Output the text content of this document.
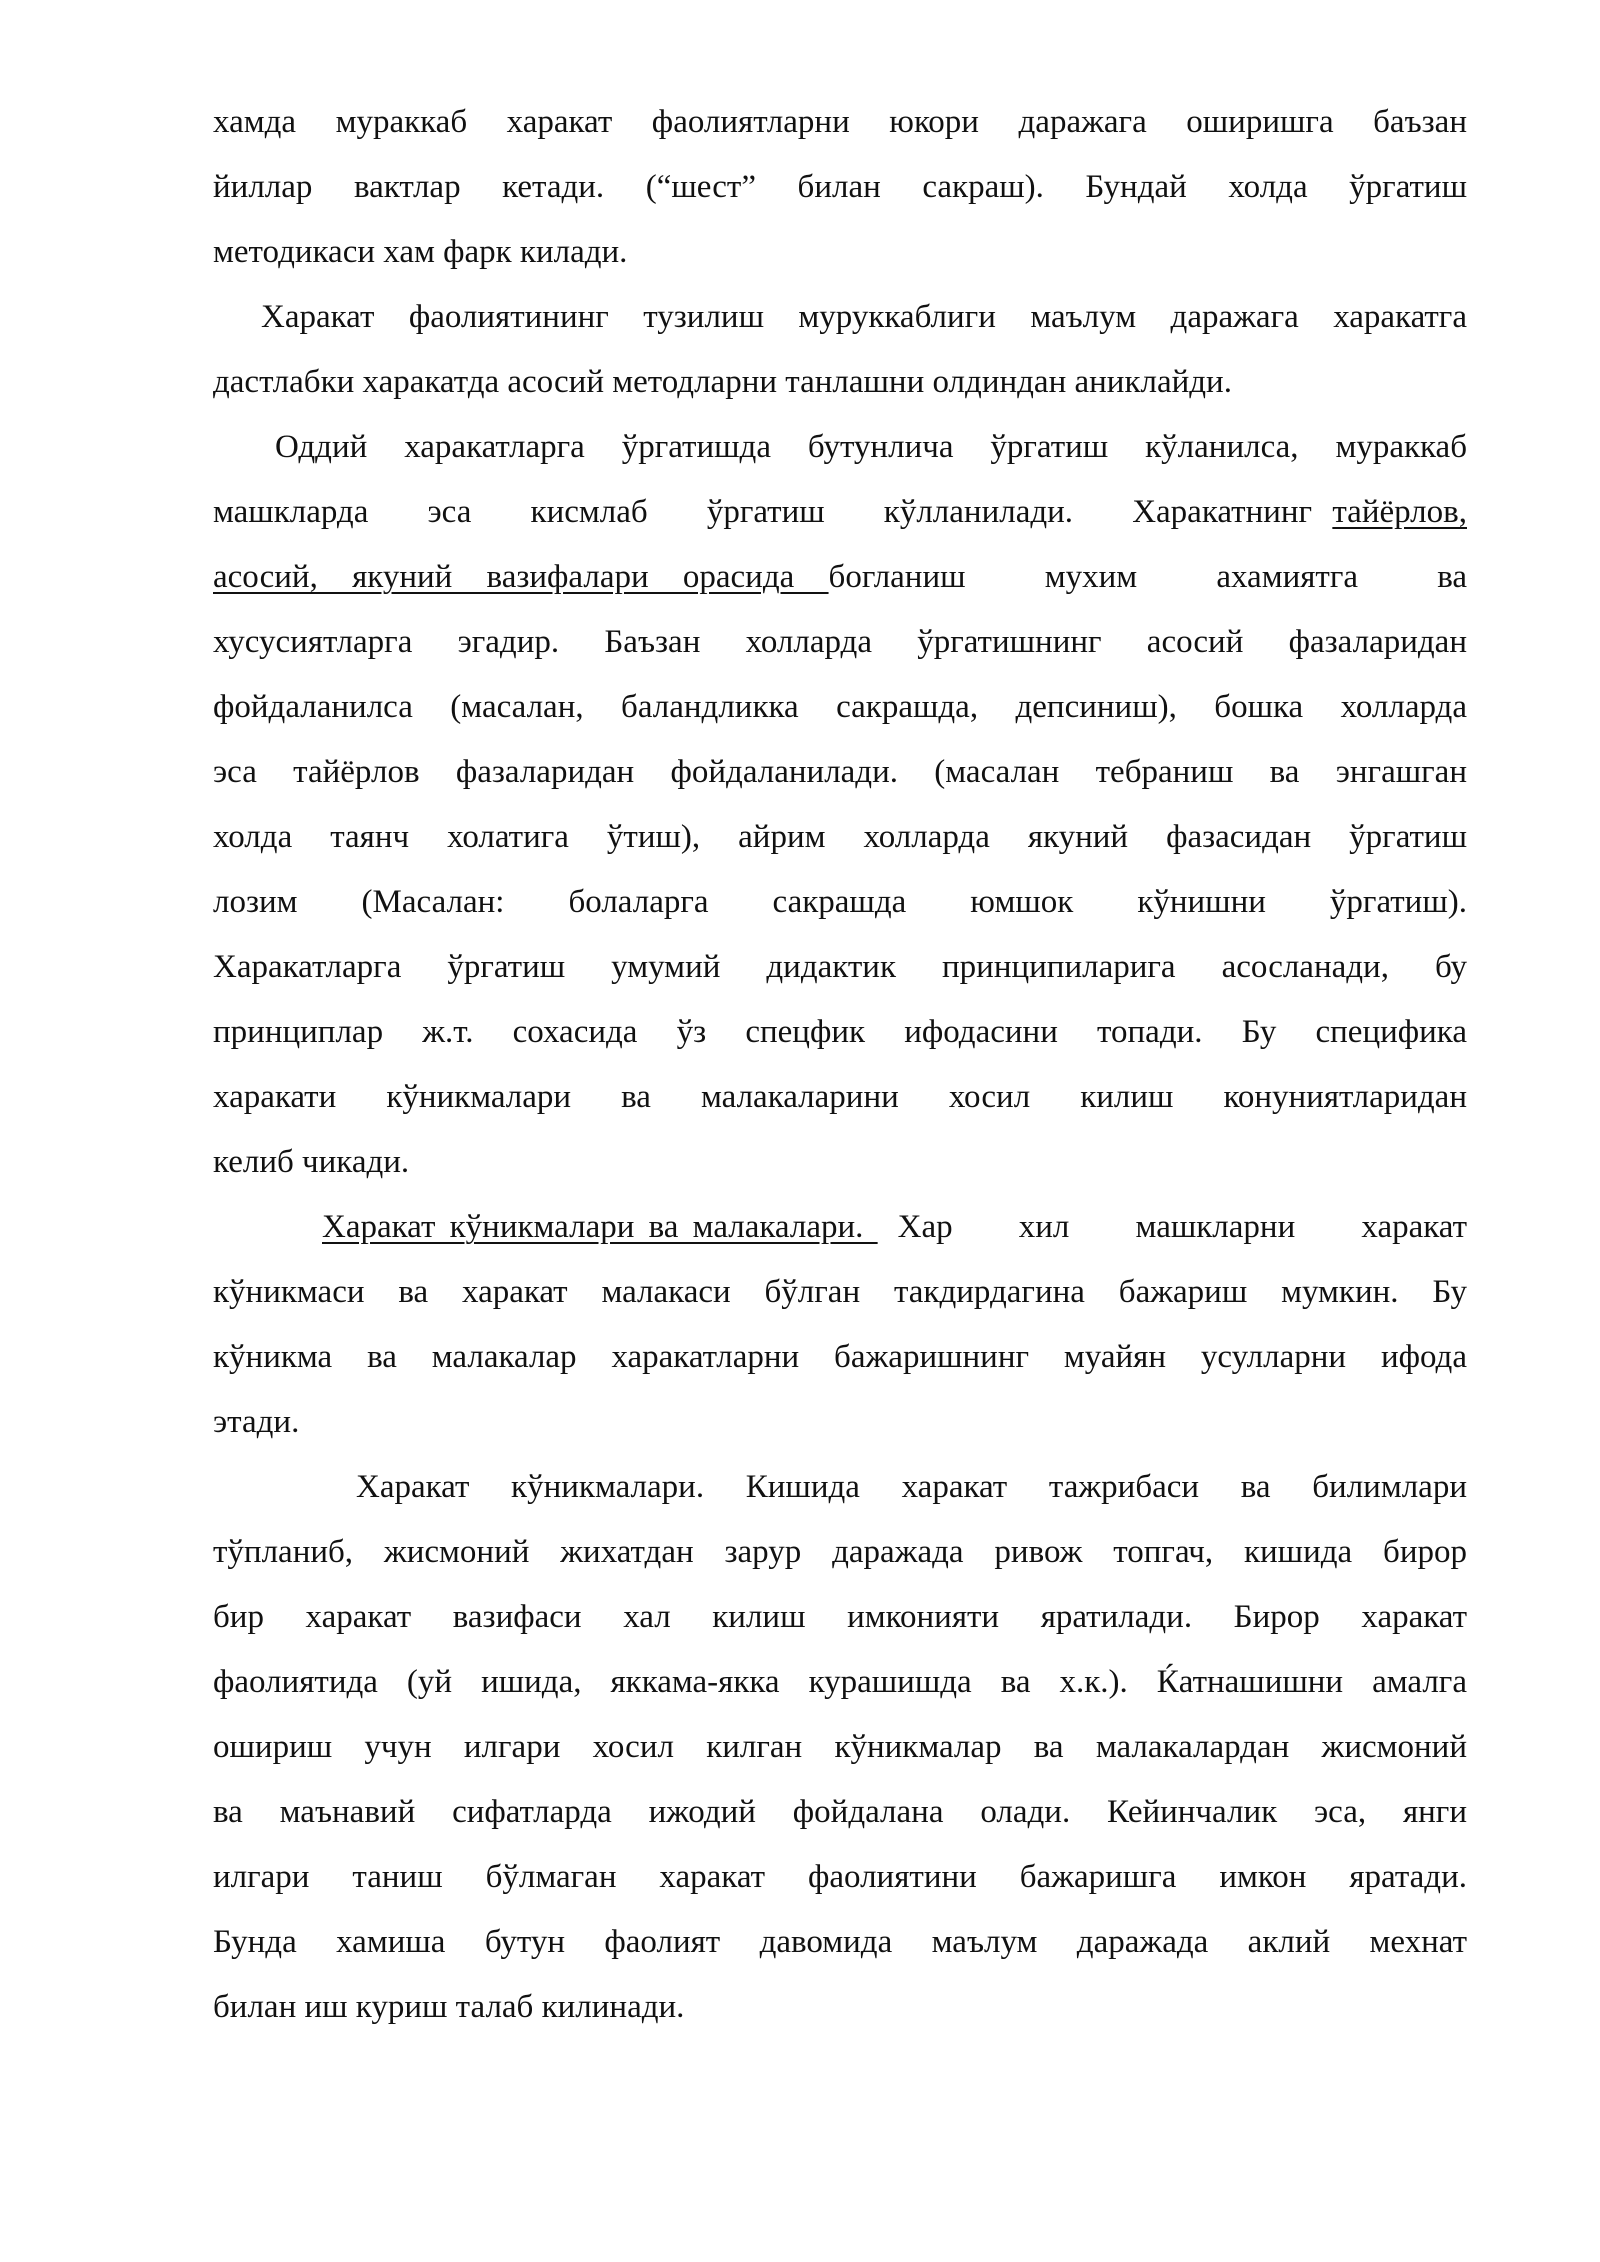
хамда мураккаб харакат фаолиятларни юкори даражага оширишга баъзан
йиллар вактлар кетади. (“шест” билан сакраш). Бундай холда ўргатиш
методикаси хам фарк килади.
Харакат фаолиятининг тузилиш муруккаблиги маълум даражага харакатга
дастлабки харакатда асосий методларни танлашни олдиндан аниклайди.
Оддий харакатларга ўргатишда бутунлича ўргатиш кўланилса, мураккаб
машкларда эса кисмлаб ўргатиш кўлланилади. Харакатнинг тайёрлов,
асосий, якуний вазифалари орасида богланиш мухим ахамиятга ва
хусусиятларга эгадир. Баъзан холларда ўргатишнинг асосий фазаларидан
фойдаланилса (масалан, баландликка сакрашда, депсиниш), бошка холларда
эса тайёрлов фазаларидан фойдаланилади. (масалан тебраниш ва энгашган
холда таянч холатига ўтиш), айрим холларда якуний фазасидан ўргатиш
лозим (Масалан: болаларга сакрашда юмшок кўнишни ўргатиш).
Харакатларга ўргатиш умумий дидактик принципиларига асосланади, бу
принциплар ж.т. сохасида ўз спецфик ифодасини топади. Бу специфика
харакати кўникмалари ва малакаларини хосил килиш конуниятларидан
келиб чикади.
Харакат кўникмалари ва малакалари. Хар хил машкларни харакат
кўникмаси ва харакат малакаси бўлган такдирдагина бажариш мумкин. Бу
кўникма ва малакалар харакатларни бажаришнинг муайян усулларни ифода
этади.
Харакат кўникмалари. Кишида харакат тажрибаси ва билимлари
тўпланиб, жисмоний жихатдан зарур даражада ривож топгач, кишида бирор
бир харакат вазифаси хал килиш имконияти яратилади. Бирор харакат
фаолиятида (уй ишида, яккама-якка курашишда ва х.к.). Ќатнашишни амалга
ошириш учун илгари хосил килган кўникмалар ва малакалардан жисмоний
ва маънавий сифатларда ижодий фойдалана олади. Кейинчалик эса, янги
илгари таниш бўлмаган харакат фаолиятини бажаришга имкон яратади.
Бунда хамиша бутун фаолият давомида маълум даражада аклий мехнат
билан иш куриш талаб килинади.
